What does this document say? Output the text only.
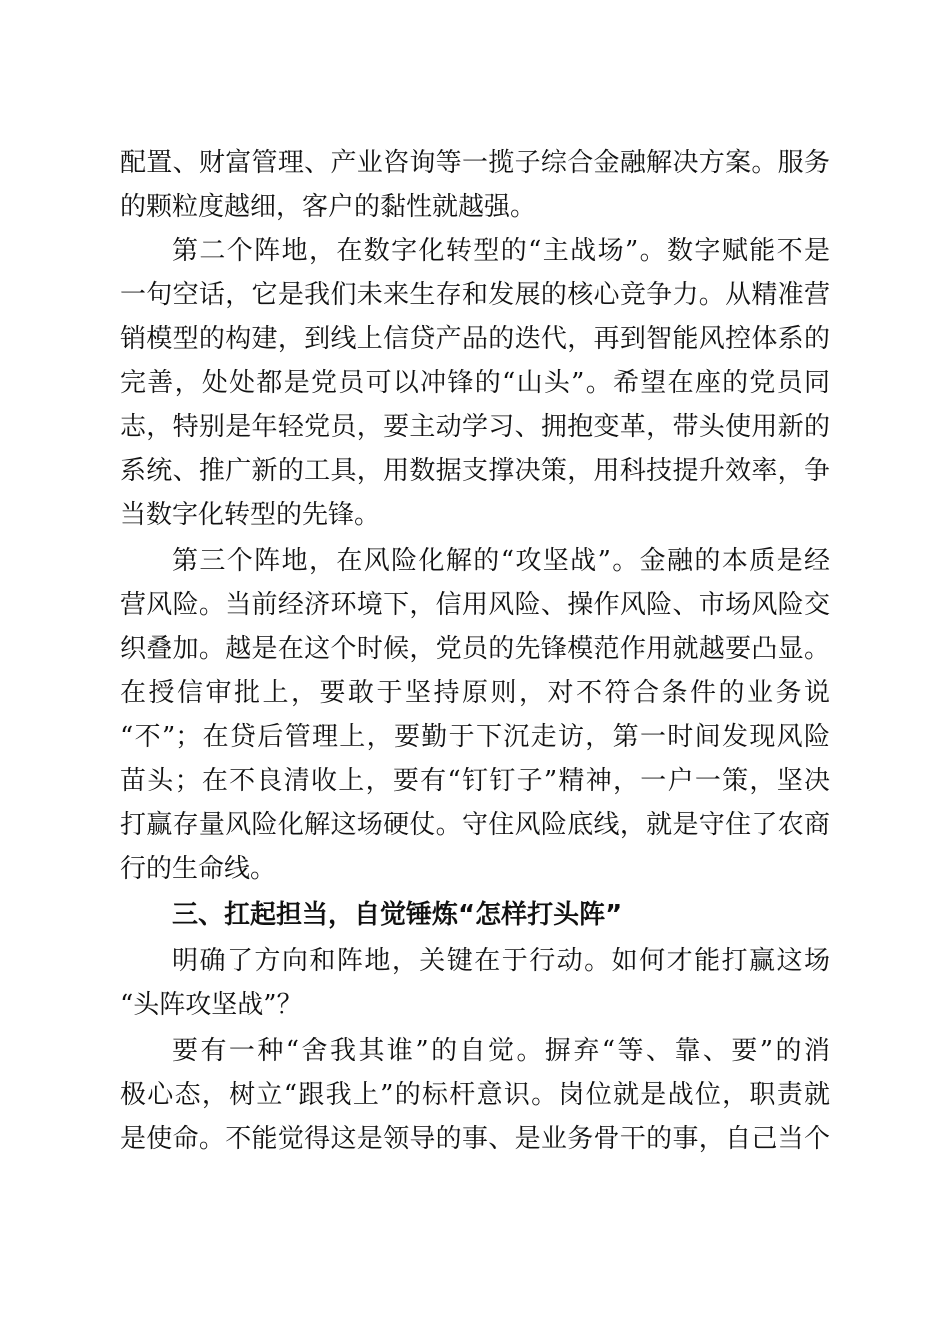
配置、财富管理、产业咨询等一揽子综合金融解决方案。服务
的颗粒度越细，客户的黏性就越强。
第二个阵地，在数字化转型的“主战场”。数字赋能不是
一句空话，它是我们未来生存和发展的核心竞争力。从精准营
销模型的构建，到线上信贷产品的迭代，再到智能风控体系的
完善，处处都是党员可以冲锋的“山头”。希望在座的党员同
志，特别是年轻党员，要主动学习、拥抱变革，带头使用新的
系统、推广新的工具，用数据支撑决策，用科技提升效率，争
当数字化转型的先锋。
第三个阵地，在风险化解的“攻坚战”。金融的本质是经
营风险。当前经济环境下，信用风险、操作风险、市场风险交
织叠加。越是在这个时候，党员的先锋模范作用就越要凸显。
在授信审批上，要敢于坚持原则，对不符合条件的业务说
“不”；在贷后管理上，要勤于下沉走访，第一时间发现风险
苗头；在不良清收上，要有“钉钉子”精神，一户一策，坚决
打赢存量风险化解这场硬仗。守住风险底线，就是守住了农商
行的生命线。
三、扛起担当，自觉锤炼“怎样打头阵”
明确了方向和阵地，关键在于行动。如何才能打赢这场
“头阵攻坚战”？
要有一种“舍我其谁”的自觉。摒弃“等、靠、要”的消
极心态，树立“跟我上”的标杆意识。岗位就是战位，职责就
是使命。不能觉得这是领导的事、是业务骨干的事，自己当个
